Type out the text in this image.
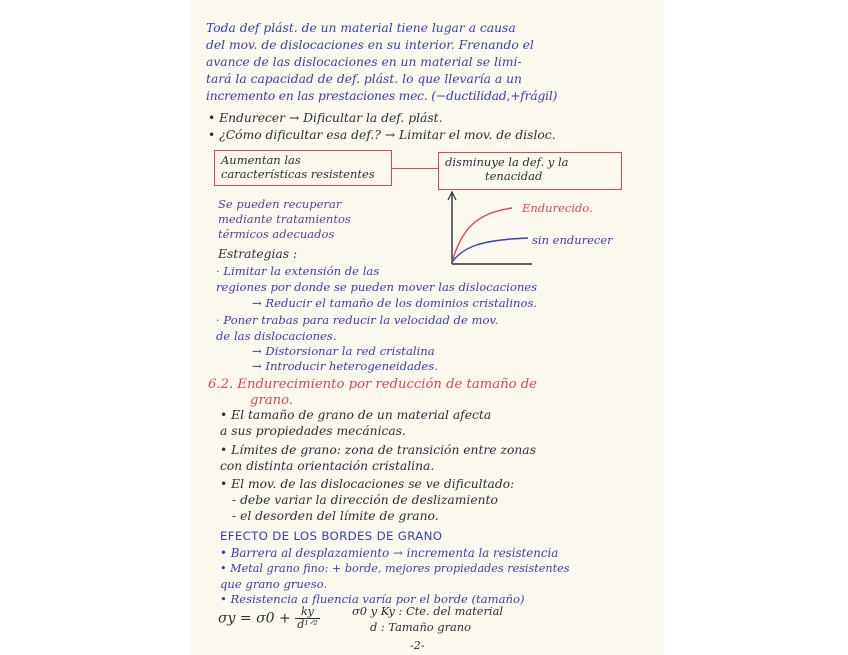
Toda def plást. de un material tiene lugar a causa
del mov. de dislocaciones en su interior. Frenando el
avance de las dislocaciones en un material se limi-
tará la capacidad de def. plást. lo que llevaría a un
incremento en las prestaciones mec. (−ductilidad,+frágil)
• Endurecer → Dificultar la def. plást.
• ¿Cómo dificultar esa def.? → Limitar el mov. de disloc.
Aumentan las
características resistentes
disminuye la def. y la
tenacidad
Se pueden recuperar
mediante tratamientos
térmicos adecuados
Endurecido.
sin endurecer
Estrategias :
· Limitar la extensión de las
regiones por donde se pueden mover las dislocaciones
→ Reducir el tamaño de los dominios cristalinos.
· Poner trabas para reducir la velocidad de mov.
de las dislocaciones.
→ Distorsionar la red cristalina
→ Introducir heterogeneidades.
6.2. Endurecimiento por reducción de tamaño de
grano.
• El tamaño de grano de un material afecta
a sus propiedades mecánicas.
• Límites de grano: zona de transición entre zonas
con distinta orientación cristalina.
• El mov. de las dislocaciones se ve dificultado:
- debe variar la dirección de deslizamiento
- el desorden del límite de grano.
EFECTO DE LOS BORDES DE GRANO
• Barrera al desplazamiento → incrementa la resistencia
• Metal grano fino: + borde, mejores propiedades resistentes
que grano grueso.
• Resistencia a fluencia varía por el borde (tamaño)
$\sigma y = \sigma 0 + \frac{ky}{\text{d¹ᐟ²}}$	σ0 y Ky : Cte. del material
d : Tamaño grano
-2-
